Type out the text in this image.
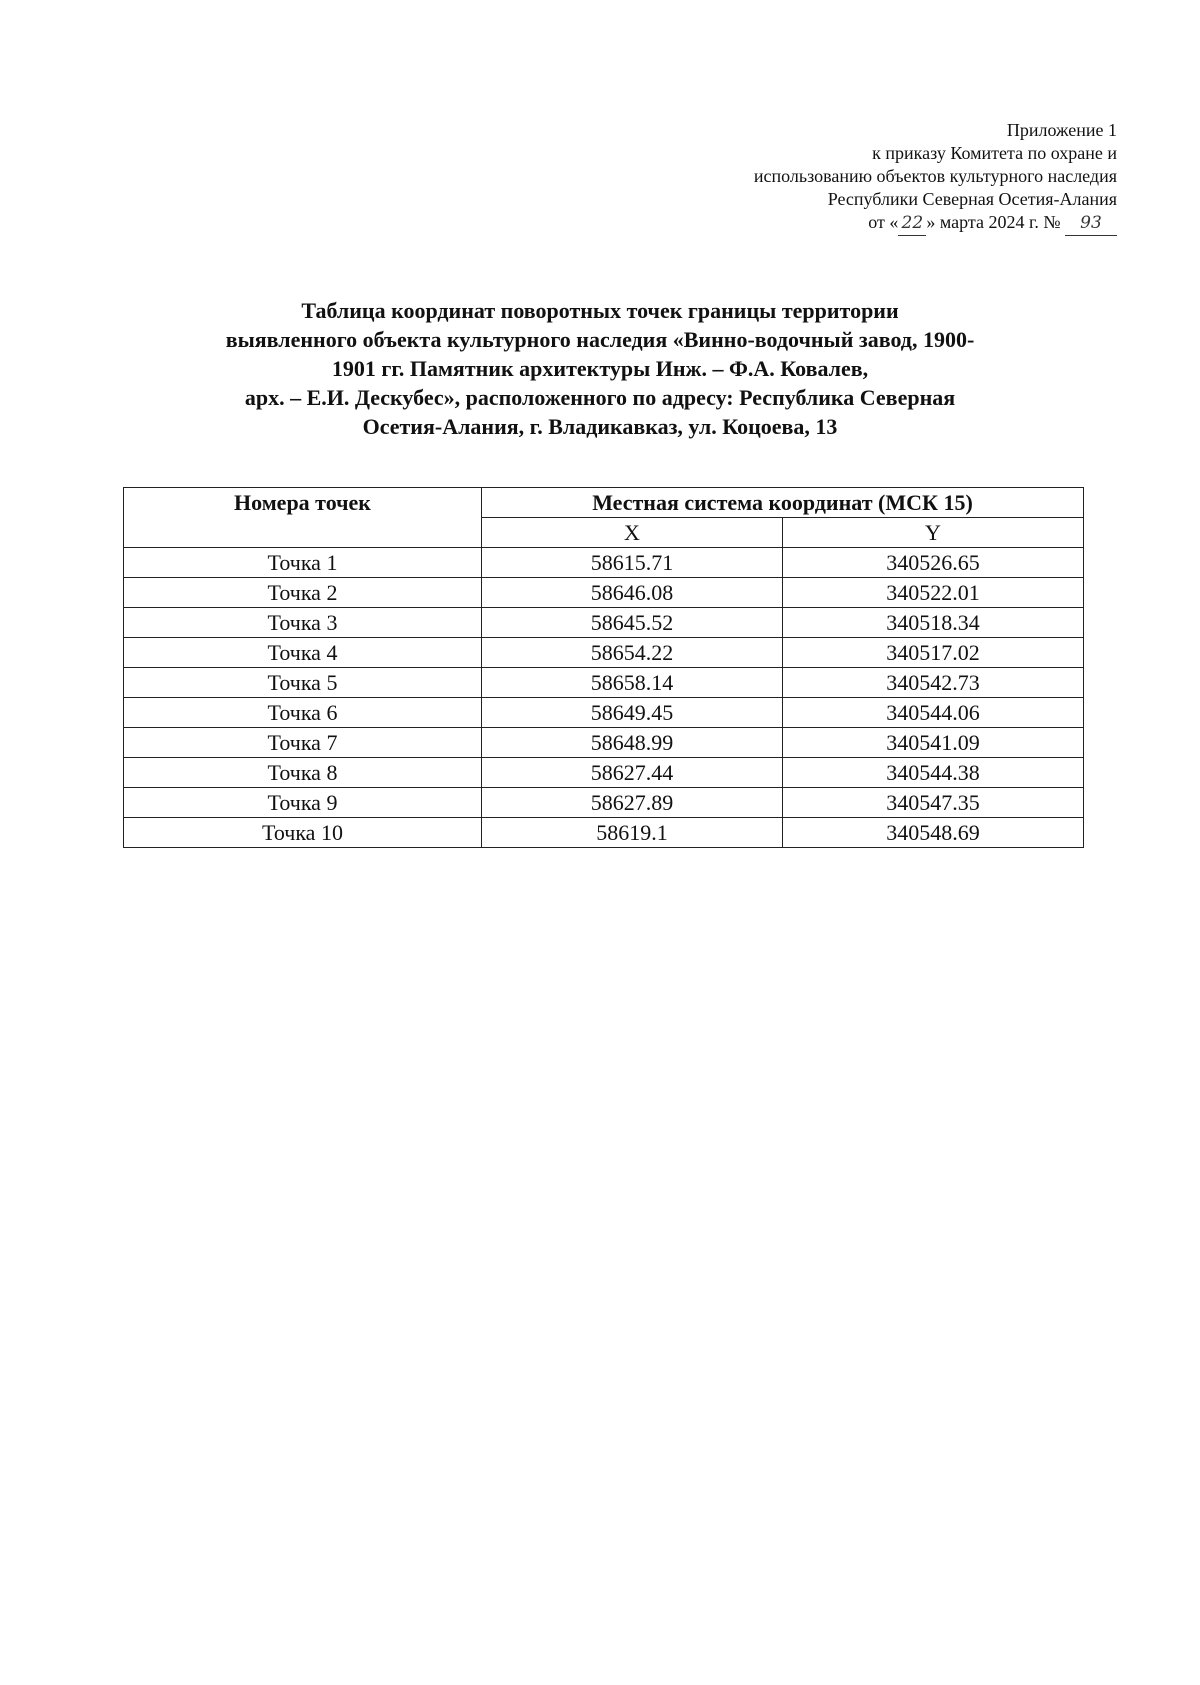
Приложение 1
к приказу Комитета по охране и
использованию объектов культурного наследия
Республики Северная Осетия-Алания
от « 22 » марта 2024 г. № 93
Таблица координат поворотных точек границы территории
выявленного объекта культурного наследия «Винно-водочный завод, 1900-
1901 гг. Памятник архитектуры Инж. – Ф.А. Ковалев,
арх. – Е.И. Дескубес», расположенного по адресу: Республика Северная
Осетия-Алания, г. Владикавказ, ул. Коцоева, 13
Номера точек	Местная система координат (МСК 15)	
	X	Y
Точка 1	58615.71	340526.65
Точка 2	58646.08	340522.01
Точка 3	58645.52	340518.34
Точка 4	58654.22	340517.02
Точка 5	58658.14	340542.73
Точка 6	58649.45	340544.06
Точка 7	58648.99	340541.09
Точка 8	58627.44	340544.38
Точка 9	58627.89	340547.35
Точка 10	58619.1	340548.69
